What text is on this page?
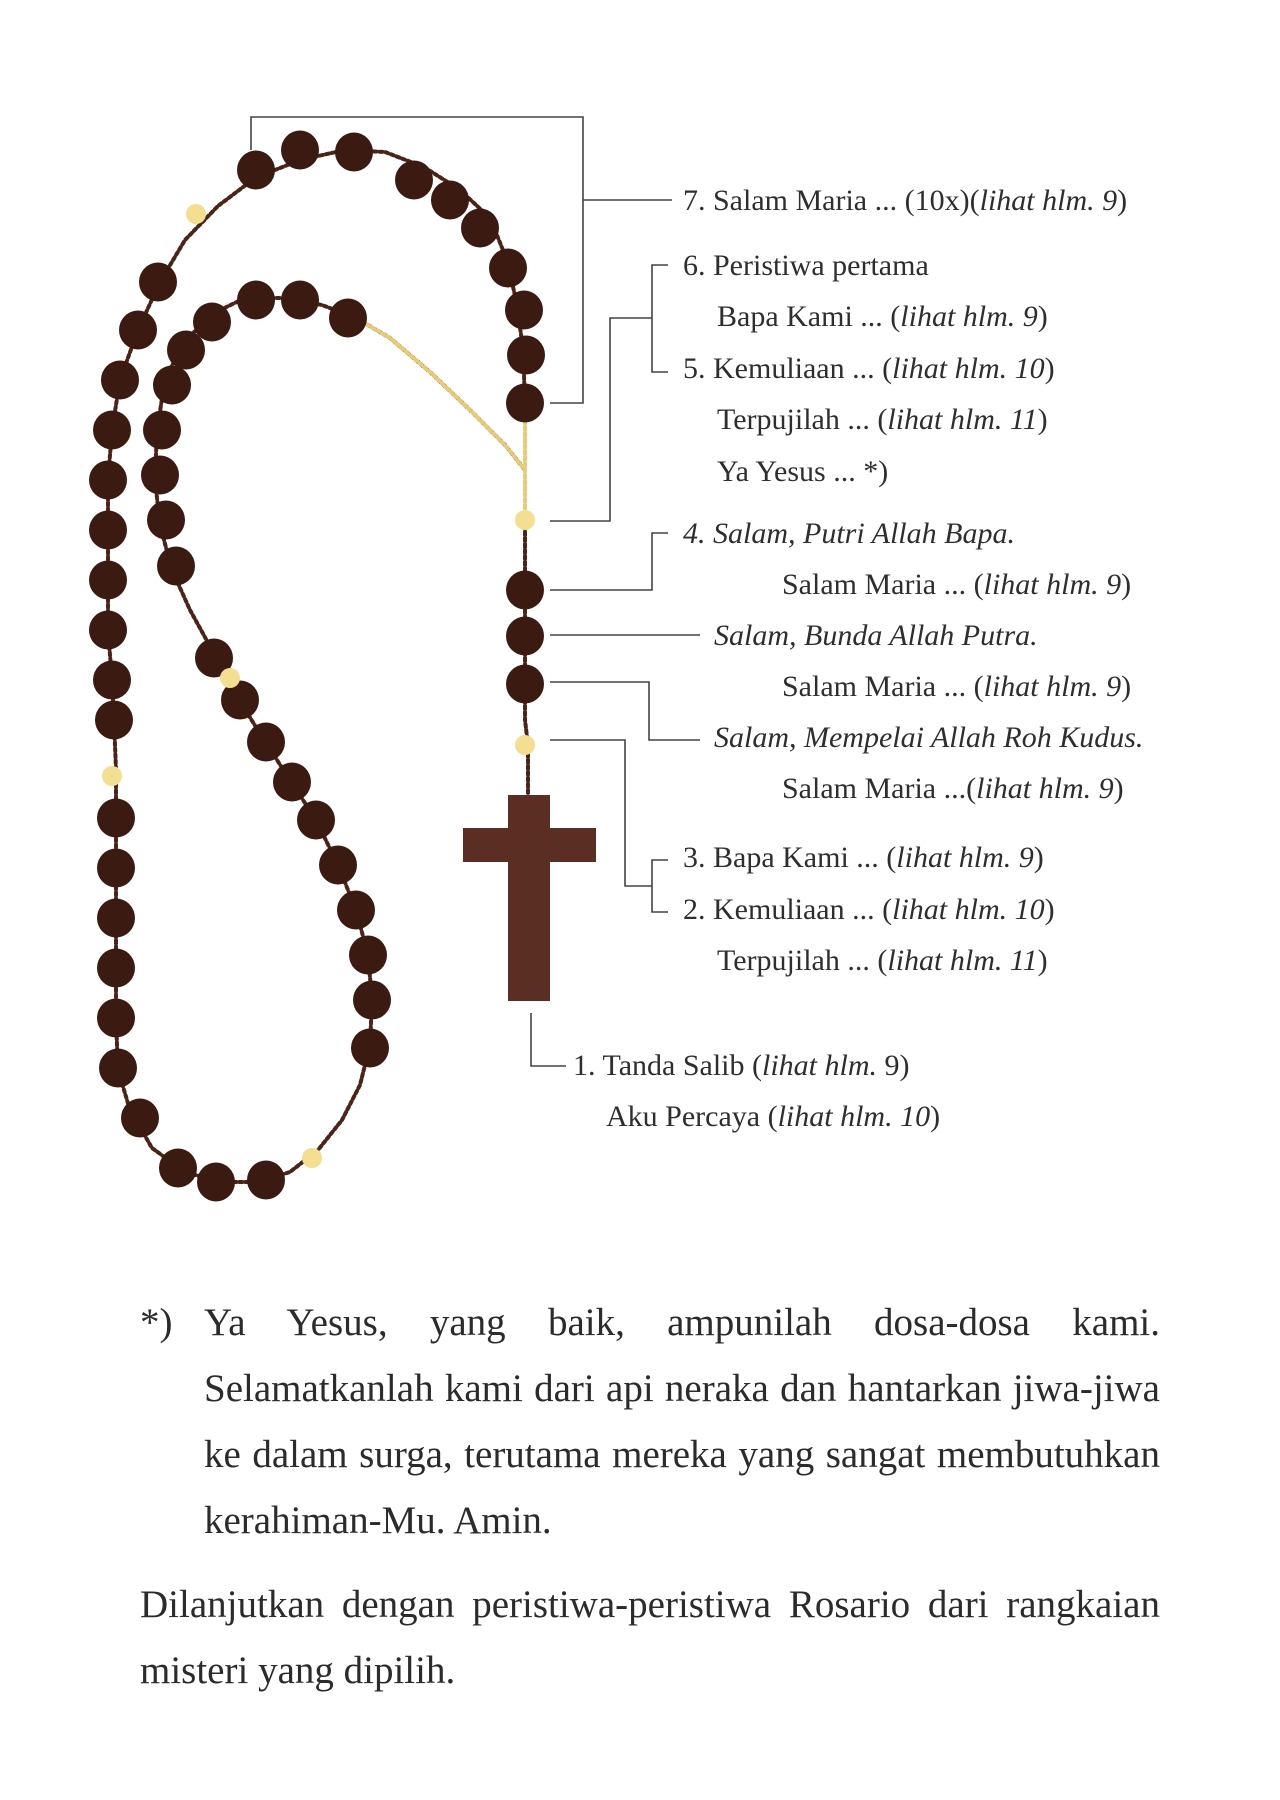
7. Salam Maria ... (10x)(lihat hlm. 9)
6. Peristiwa pertama
Bapa Kami ... (lihat hlm. 9)
5. Kemuliaan ... (lihat hlm. 10)
Terpujilah ... (lihat hlm. 11)
Ya Yesus ... *)
4. Salam, Putri Allah Bapa.
Salam Maria ... (lihat hlm. 9)
Salam, Bunda Allah Putra.
Salam Maria ... (lihat hlm. 9)
Salam, Mempelai Allah Roh Kudus.
Salam Maria ...(lihat hlm. 9)
3. Bapa Kami ... (lihat hlm. 9)
2. Kemuliaan ... (lihat hlm. 10)
Terpujilah ... (lihat hlm. 11)
1. Tanda Salib (lihat hlm. 9)
Aku Percaya (lihat hlm. 10)
*) Ya Yesus, yang baik, ampunilah dosa-dosa kami. Selamatkanlah kami dari api neraka dan hantarkan jiwa-jiwa ke dalam surga, terutama mereka yang sangat membutuhkan kerahiman-Mu. Amin.
Dilanjutkan dengan peristiwa-peristiwa Rosario dari rangkaian misteri yang dipilih.
